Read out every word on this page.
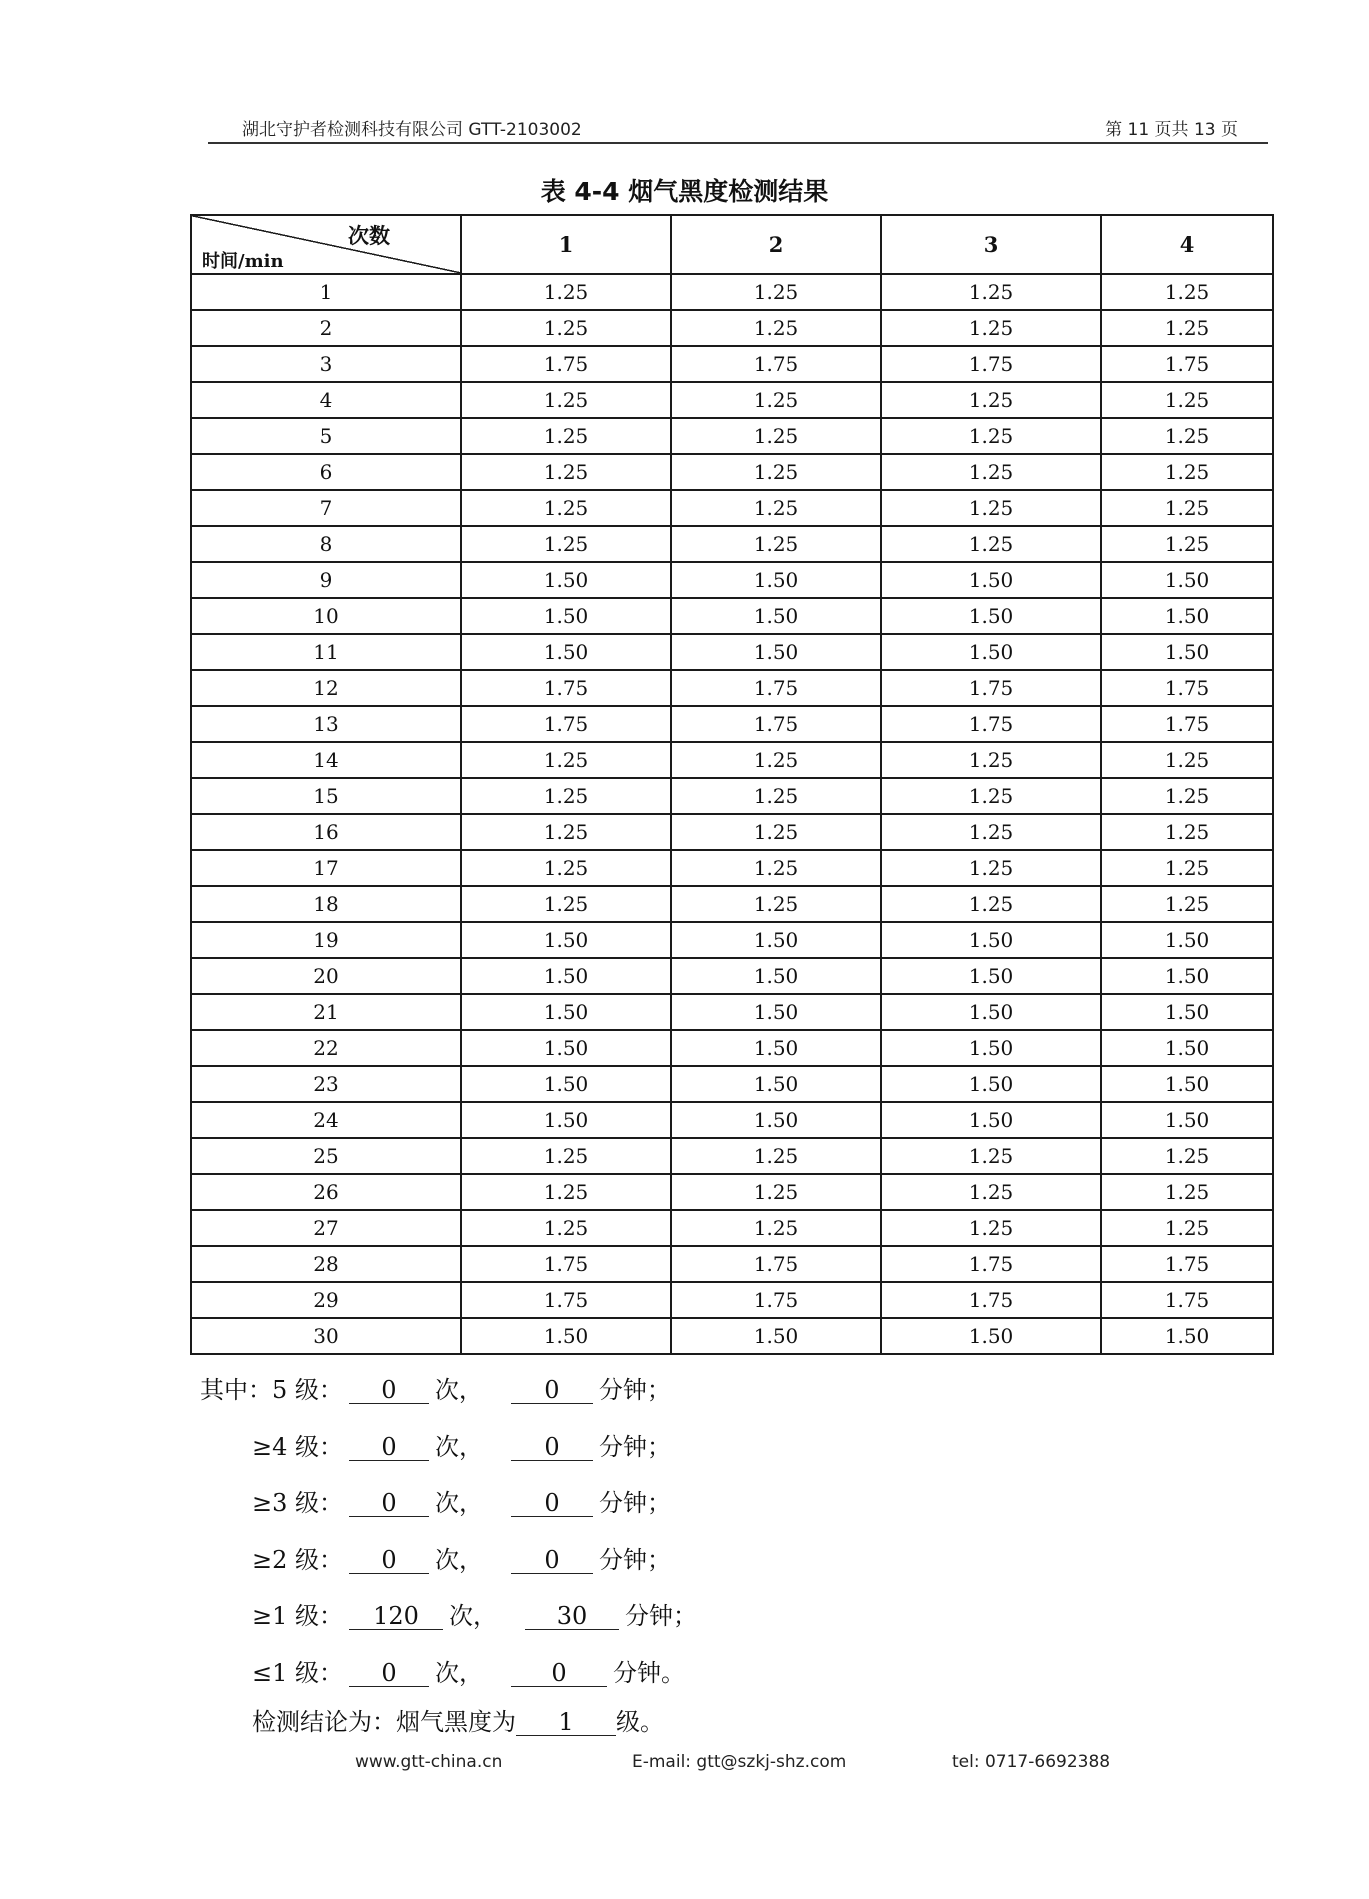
湖北守护者检测科技有限公司 GTT-2103002	第 11 页共 13 页
表 4-4 烟气黑度检测结果
次数
时间/min	1	2	3	4
1	1.25	1.25	1.25	1.25
2	1.25	1.25	1.25	1.25
3	1.75	1.75	1.75	1.75
4	1.25	1.25	1.25	1.25
5	1.25	1.25	1.25	1.25
6	1.25	1.25	1.25	1.25
7	1.25	1.25	1.25	1.25
8	1.25	1.25	1.25	1.25
9	1.50	1.50	1.50	1.50
10	1.50	1.50	1.50	1.50
11	1.50	1.50	1.50	1.50
12	1.75	1.75	1.75	1.75
13	1.75	1.75	1.75	1.75
14	1.25	1.25	1.25	1.25
15	1.25	1.25	1.25	1.25
16	1.25	1.25	1.25	1.25
17	1.25	1.25	1.25	1.25
18	1.25	1.25	1.25	1.25
19	1.50	1.50	1.50	1.50
20	1.50	1.50	1.50	1.50
21	1.50	1.50	1.50	1.50
22	1.50	1.50	1.50	1.50
23	1.50	1.50	1.50	1.50
24	1.50	1.50	1.50	1.50
25	1.25	1.25	1.25	1.25
26	1.25	1.25	1.25	1.25
27	1.25	1.25	1.25	1.25
28	1.75	1.75	1.75	1.75
29	1.75	1.75	1.75	1.75
30	1.50	1.50	1.50	1.50
其中：5 级： 0 次，	0 分钟；
≥4 级： 0 次，	0 分钟；
≥3 级： 0 次，	0 分钟；
≥2 级： 0 次，	0 分钟；
≥1 级： 120 次， 30 分钟；
≤1 级： 0 次，	0 分钟。
检测结论为：烟气黑度为 1 级。
www.gtt-china.cn	E-mail: gtt@szkj-shz.com	tel: 0717-6692388
